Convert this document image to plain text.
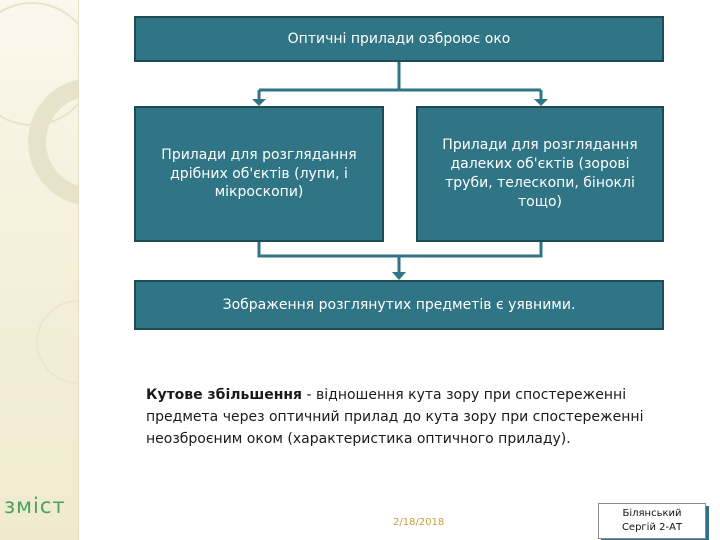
Оптичні прилади озброює око
Прилади для розглядання дрібних об'єктів (лупи, і мікроскопи)
Прилади для розглядання далеких об'єктів (зорові труби, телескопи, біноклі тощо)
Зображення розглянутих предметів є уявними.
Кутове збільшення - відношення кута зору при спостереженні предмета через оптичний прилад до кута зору при спостереженні неозброєним оком (характеристика оптичного приладу).
зміст
2/18/2018
Білянський
Сергій 2-АТ
